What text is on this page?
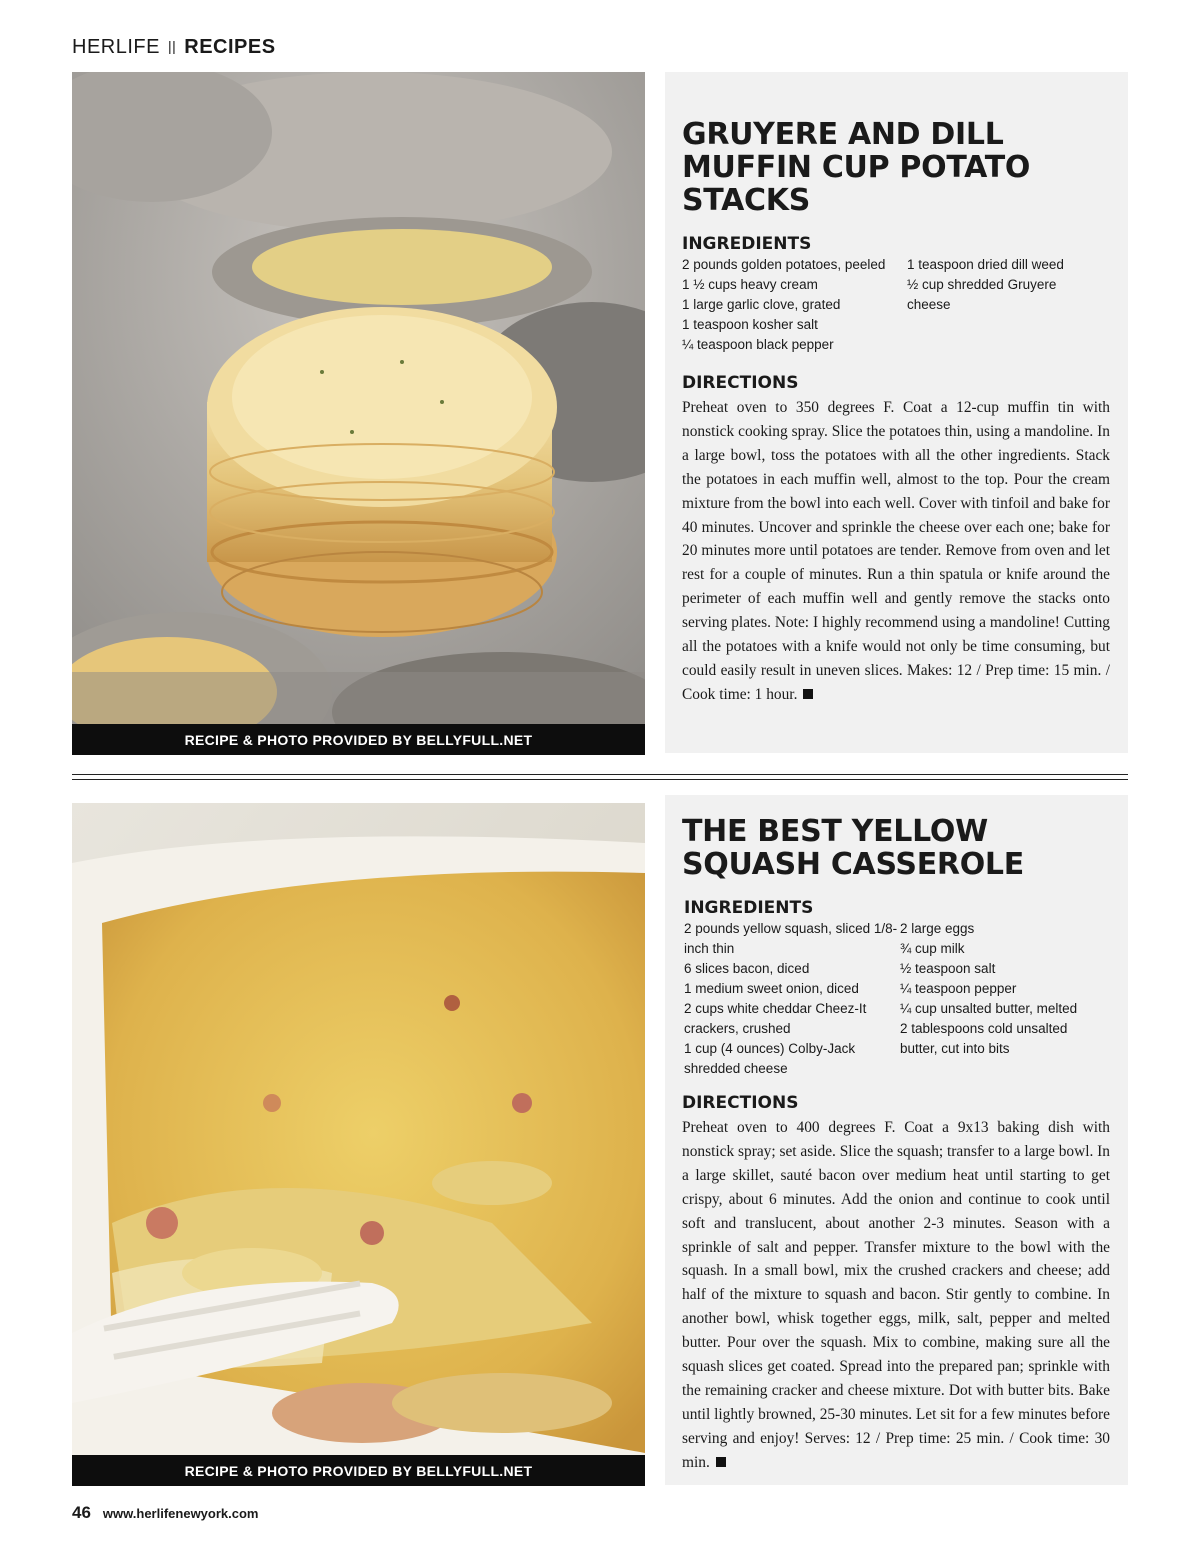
HERLIFE || RECIPES
RECIPE & PHOTO PROVIDED BY BELLYFULL.NET
GRUYERE AND DILL MUFFIN CUP POTATO STACKS
INGREDIENTS
2 pounds golden potatoes, peeled
1 ½ cups heavy cream
1 large garlic clove, grated
1 teaspoon kosher salt
¼ teaspoon black pepper
1 teaspoon dried dill weed
½ cup shredded Gruyere cheese
DIRECTIONS

Preheat oven to 350 degrees F. Coat a 12-cup muffin tin with nonstick cooking spray. Slice the potatoes thin, using a mandoline. In a large bowl, toss the potatoes with all the other ingredients. Stack the potatoes in each muffin well, almost to the top. Pour the cream mixture from the bowl into each well. Cover with tinfoil and bake for 40 minutes. Uncover and sprinkle the cheese over each one; bake for 20 minutes more until potatoes are tender. Remove from oven and let rest for a couple of minutes. Run a thin spatula or knife around the perimeter of each muffin well and gently remove the stacks onto serving plates. Note: I highly recommend using a mandoline! Cutting all the potatoes with a knife would not only be time consuming, but could easily result in uneven slices. Makes: 12 / Prep time: 15 min. / Cook time: 1 hour.

RECIPE & PHOTO PROVIDED BY BELLYFULL.NET
THE BEST YELLOW SQUASH CASSEROLE
INGREDIENTS
2 pounds yellow squash, sliced 1/8-inch thin
6 slices bacon, diced
1 medium sweet onion, diced
2 cups white cheddar Cheez-It crackers, crushed
1 cup (4 ounces) Colby-Jack shredded cheese
2 large eggs
¾ cup milk
½ teaspoon salt
¼ teaspoon pepper
¼ cup unsalted butter, melted
2 tablespoons cold unsalted butter, cut into bits
DIRECTIONS

Preheat oven to 400 degrees F. Coat a 9x13 baking dish with nonstick spray; set aside. Slice the squash; transfer to a large bowl. In a large skillet, sauté bacon over medium heat until starting to get crispy, about 6 minutes. Add the onion and continue to cook until soft and translucent, about another 2-3 minutes. Season with a sprinkle of salt and pepper. Transfer mixture to the bowl with the squash. In a small bowl, mix the crushed crackers and cheese; add half of the mixture to squash and bacon. Stir gently to combine. In another bowl, whisk together eggs, milk, salt, pepper and melted butter. Pour over the squash. Mix to combine, making sure all the squash slices get coated. Spread into the prepared pan; sprinkle with the remaining cracker and cheese mixture. Dot with butter bits. Bake until lightly browned, 25-30 minutes. Let sit for a few minutes before serving and enjoy! Serves: 12 / Prep time: 25 min. / Cook time: 30 min.

46 www.herlifenewyork.com
